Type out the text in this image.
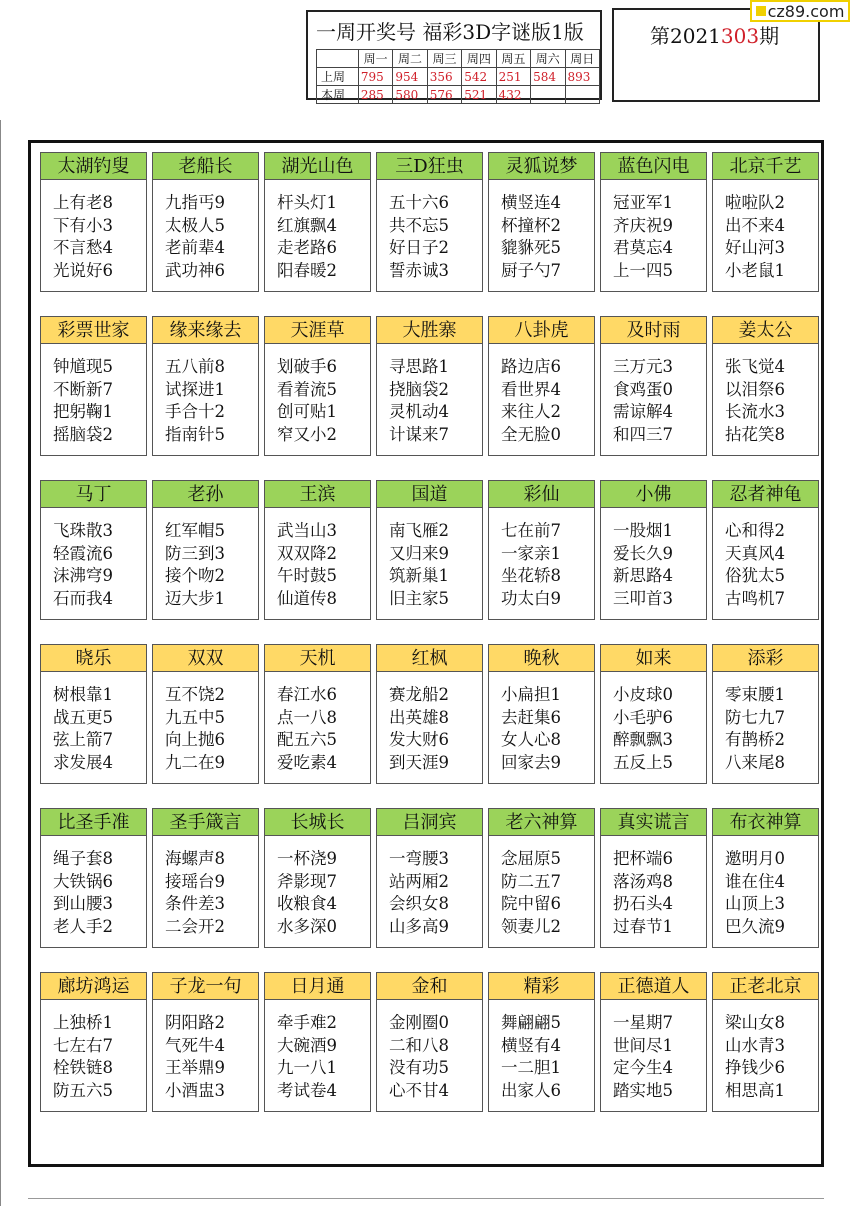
一周开奖号 福彩3D字谜版1版
	周一	周二	周三	周四	周五	周六	周日
上周	795	954	356	542	251	584	893
本周	285	580	576	521	432		
第2021303期
cz89.com
太湖钓叟
上有老8
下有小3
不言愁4
光说好6
老船长
九指丐9
太极人5
老前辈4
武功神6
湖光山色
杆头灯1
红旗飘4
走老路6
阳春暖2
三D狂虫
五十六6
共不忘5
好日子2
誓赤诚3
灵狐说梦
横竖连4
杯撞杯2
貔貅死5
厨子勺7
蓝色闪电
冠亚军1
齐庆祝9
君莫忘4
上一四5
北京千艺
啦啦队2
出不来4
好山河3
小老鼠1
彩票世家
钟馗现5
不断新7
把躬鞠1
摇脑袋2
缘来缘去
五八前8
试探进1
手合十2
指南针5
天涯草
划破手6
看着流5
创可贴1
窄又小2
大胜寨
寻思路1
挠脑袋2
灵机动4
计谋来7
八卦虎
路边店6
看世界4
来往人2
全无脸0
及时雨
三万元3
食鸡蛋0
需谅解4
和四三7
姜太公
张飞觉4
以泪祭6
长流水3
拈花笑8
马丁
飞珠散3
轻霞流6
沫沸穹9
石而我4
老孙
红军帽5
防三到3
接个吻2
迈大步1
王滨
武当山3
双双降2
午时鼓5
仙道传8
国道
南飞雁2
又归来9
筑新巢1
旧主家5
彩仙
七在前7
一家亲1
坐花轿8
功太白9
小佛
一股烟1
爱长久9
新思路4
三叩首3
忍者神龟
心和得2
天真风4
俗犹太5
古鸣机7
晓乐
树根靠1
战五更5
弦上箭7
求发展4
双双
互不饶2
九五中5
向上抛6
九二在9
天机
春江水6
点一八8
配五六5
爱吃素4
红枫
赛龙船2
出英雄8
发大财6
到天涯9
晚秋
小扁担1
去赶集6
女人心8
回家去9
如来
小皮球0
小毛驴6
醉飘飘3
五反上5
添彩
零束腰1
防七九7
有鹊桥2
八来尾8
比圣手准
绳子套8
大铁锅6
到山腰3
老人手2
圣手箴言
海螺声8
接瑶台9
条件差3
二会开2
长城长
一杯浇9
斧影现7
收粮食4
水多深0
吕洞宾
一弯腰3
站两厢2
会织女8
山多高9
老六神算
念屈原5
防二五7
院中留6
领妻儿2
真实谎言
把杯端6
落汤鸡8
扔石头4
过春节1
布衣神算
邀明月0
谁在住4
山顶上3
巴久流9
廊坊鸿运
上独桥1
七左右7
栓铁链8
防五六5
子龙一句
阴阳路2
气死牛4
王举鼎9
小酒盅3
日月通
牵手难2
大碗酒9
九一八1
考试卷4
金和
金刚圈0
二和八8
没有功5
心不甘4
精彩
舞翩翩5
横竖有4
一二胆1
出家人6
正德道人
一星期7
世间尽1
定今生4
踏实地5
正老北京
梁山女8
山水青3
挣钱少6
相思高1
